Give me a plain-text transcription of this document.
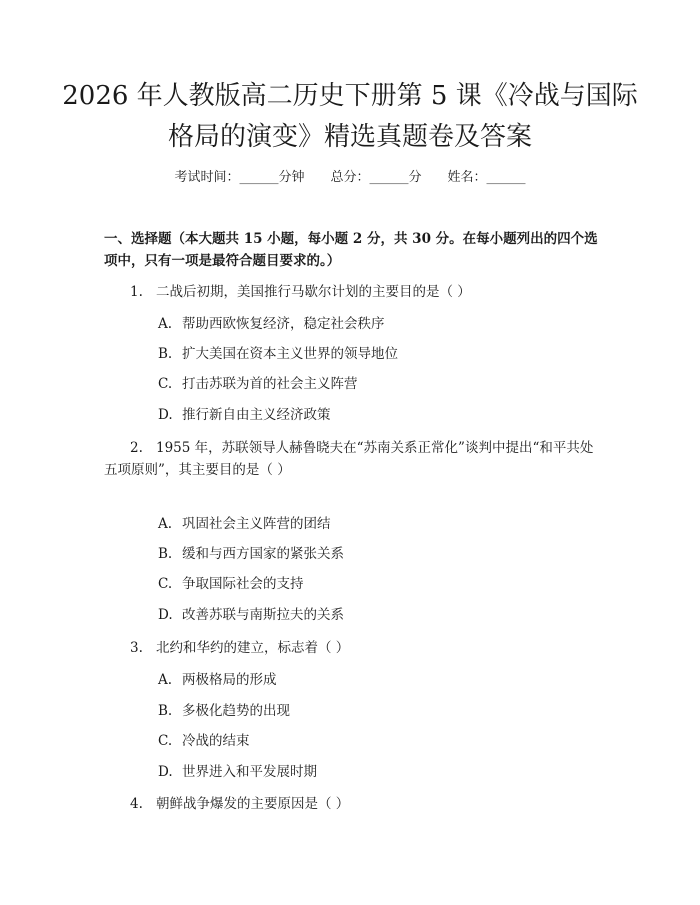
2026 年人教版高二历史下册第 5 课《冷战与国际格局的演变》精选真题卷及答案
考试时间：______分钟 总分：______分 姓名：______
一、选择题（本大题共 15 小题，每小题 2 分，共 30 分。在每小题列出的四个选项中，只有一项是最符合题目要求的。）
1. 二战后初期，美国推行马歇尔计划的主要目的是（ ）
A. 帮助西欧恢复经济，稳定社会秩序
B. 扩大美国在资本主义世界的领导地位
C. 打击苏联为首的社会主义阵营
D. 推行新自由主义经济政策
2. 1955 年，苏联领导人赫鲁晓夫在“苏南关系正常化”谈判中提出“和平共处五项原则”，其主要目的是（ ）
A. 巩固社会主义阵营的团结
B. 缓和与西方国家的紧张关系
C. 争取国际社会的支持
D. 改善苏联与南斯拉夫的关系
3. 北约和华约的建立，标志着（ ）
A. 两极格局的形成
B. 多极化趋势的出现
C. 冷战的结束
D. 世界进入和平发展时期
4. 朝鲜战争爆发的主要原因是（ ）
